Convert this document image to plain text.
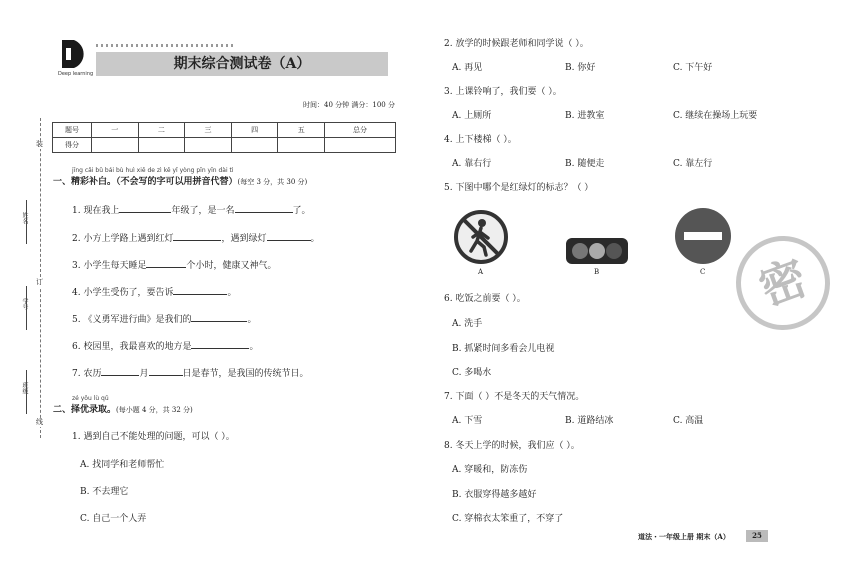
Deep learning
期末综合测试卷（A）
时间：40 分钟 满分：100 分
题号	一	二	三	四	五	总分
得分						
装
订
线
姓名
学号
班级
jīng cǎi bǔ bái bù huì xiě de zì kě yǐ yòng pīn yīn dài tì
一、精彩补白。（不会写的字可以用拼音代替）(每空 3 分，共 30 分)
1. 现在我上	年级了，是一名	了。
2. 小方上学路上遇到红灯	，遇到绿灯	。
3. 小学生每天睡足	个小时，健康又神气。
4. 小学生受伤了，要告诉	。
5. 《义勇军进行曲》是我们的	。
6. 校园里，我最喜欢的地方是	。
7. 农历	月	日是春节，是我国的传统节日。
zé yōu lù qǔ
二、择优录取。(每小题 4 分，共 32 分)
1. 遇到自己不能处理的问题，可以（ ）。
A. 找同学和老师帮忙
B. 不去理它
C. 自己一个人弄
2. 放学的时候跟老师和同学说（ ）。
A. 再见	B. 你好	C. 下午好
3. 上课铃响了，我们要（ ）。
A. 上厕所	B. 进教室	C. 继续在操场上玩要
4. 上下楼梯（ ）。
A. 靠右行	B. 随便走	C. 靠左行
5. 下图中哪个是红绿灯的标志？（ ）
A	B	C
6. 吃饭之前要（ ）。
A. 洗手
B. 抓紧时间多看会儿电视
C. 多喝水
7. 下面（ ）不是冬天的天气情况。
A. 下雪	B. 道路结冰	C. 高温
8. 冬天上学的时候，我们应（ ）。
A. 穿暖和，防冻伤
B. 衣服穿得越多越好
C. 穿棉衣太笨重了，不穿了
密
道法・一年级上册 期末（A）	25
